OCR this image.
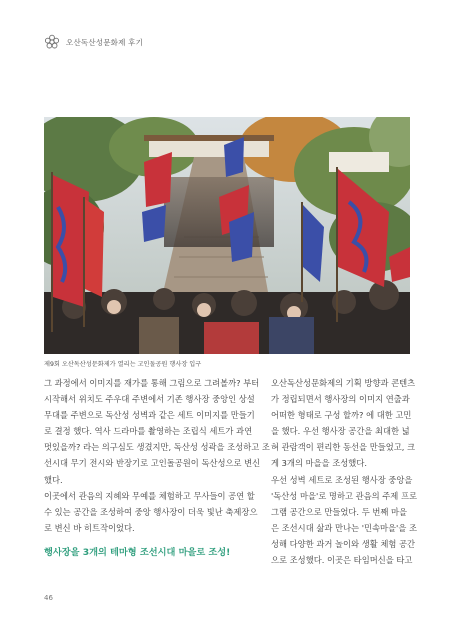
오산독산성문화제 후기
제9회 오산독산성문화제가 열리는 고인돌공원 행사장 입구

그 과정에서 이미지를 재가를 통해 그림으로 그려볼까? 부터

시작해서 위치도 주우대 주변에서 기존 행사장 중앙인 상설

무대를 주변으로 독산성 성벽과 같은 세트 이미지를 만들기

로 결정 했다. 역사 드라마를 촬영하는 조립식 세트가 과연

멋있을까? 라는 의구심도 생겼지만, 독산성 성곽을 조성하고 조

선시대 무기 전시와 반장기로 고인돌공원이 독산성으로 변신

했다.

이곳에서 관음의 지혜와 무예를 체험하고 무사들이 공연 할

수 있는 공간을 조성하여 중앙 행사장이 더욱 빛난 축제장으

로 변신 바 히트작이었다.

행사장을 3개의 테마형 조선시대 마을로 조성!

오산독산성문화제의 기획 방향과 콘텐츠

가 정립되면서 행사장의 이미지 연출과

어떠한 형태로 구성 할까? 에 대한 고민

을 했다. 우선 행사장 공간을 최대한 넓

혀 관람객이 편리한 동선을 만들었고, 크

게 3개의 마을을 조성했다.

우선 성벽 세트로 조성된 행사장 중앙을

'독산성 마을'로 명하고 관음의 주제 프로

그램 공간으로 만들었다. 두 번째 마을

은 조선시대 삶과 만나는 '민속마을'을 조

성해 다양한 과거 놀이와 생활 체험 공간

으로 조성했다. 이곳은 타임머신을 타고

46
